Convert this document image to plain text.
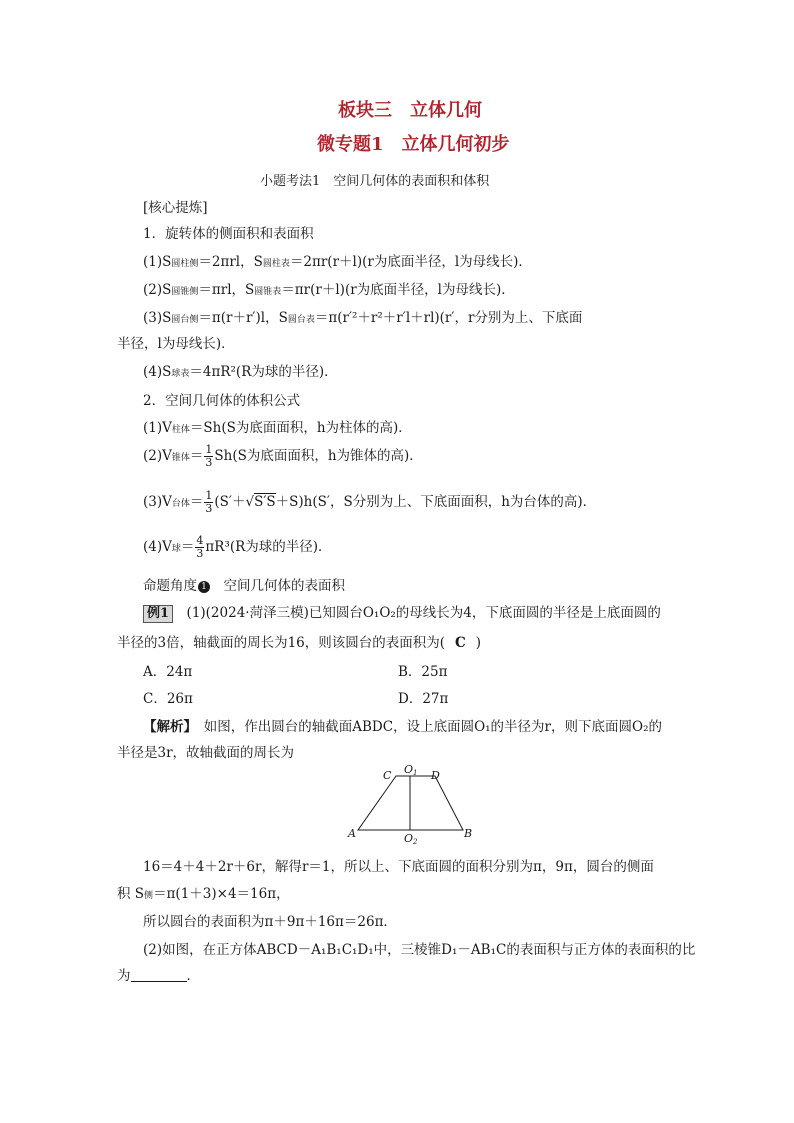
板块三　立体几何
微专题1　立体几何初步
小题考法1　空间几何体的表面积和体积
[核心提炼]
1．旋转体的侧面积和表面积
(1)S圆柱侧＝2πrl，S圆柱表＝2πr(r＋l)(r为底面半径，l为母线长)．
(2)S圆锥侧＝πrl，S圆锥表＝πr(r＋l)(r为底面半径，l为母线长)．
(3)S圆台侧＝π(r＋r′)l，S圆台表＝π(r′²＋r²＋r′l＋rl)(r′，r分别为上、下底面
半径，l为母线长)．
(4)S球表＝4πR²(R为球的半径)．
2．空间几何体的体积公式
(1)V柱体＝Sh(S为底面面积，h为柱体的高)．
(2)V锥体＝ $\frac{1}{3} Sh(S$为底面面积，h为锥体的高)．
(3)V台体＝ $\frac{1}{3} (S'+√S'S+S)h(S'$，S分别为上、下底面面积，h为台体的高)．
(4)V球＝ $\frac{4}{3} \pi R^3(R$为球的半径)．
命题角度 1　 空间几何体的表面积
例1　 (1)(2024·菏泽三模)已知圆台O₁O₂的母线长为4，下底面圆的半径是上底面圆的
半径的3倍，轴截面的周长为16，则该圆台的表面积为( C )
A．24π	B．25π
C．26π	D．27π
【解析】　 如图，作出圆台的轴截面ABDC，设上底面圆O₁的半径为r，则下底面圆O₂的
半径是3r，故轴截面的周长为
C O1 D
A	O2
B
16＝4＋4＋2r＋6r，解得r＝1，所以上、下底面圆的面积分别为π，9π，圆台的侧面
积 S侧＝π(1＋3)×4＝16π，
所以圆台的表面积为π＋9π＋16π＝26π．
(2)如图，在正方体ABCD－A₁B₁C₁D₁中，三棱锥D₁－AB₁C的表面积与正方体的表面积的比
为	．
